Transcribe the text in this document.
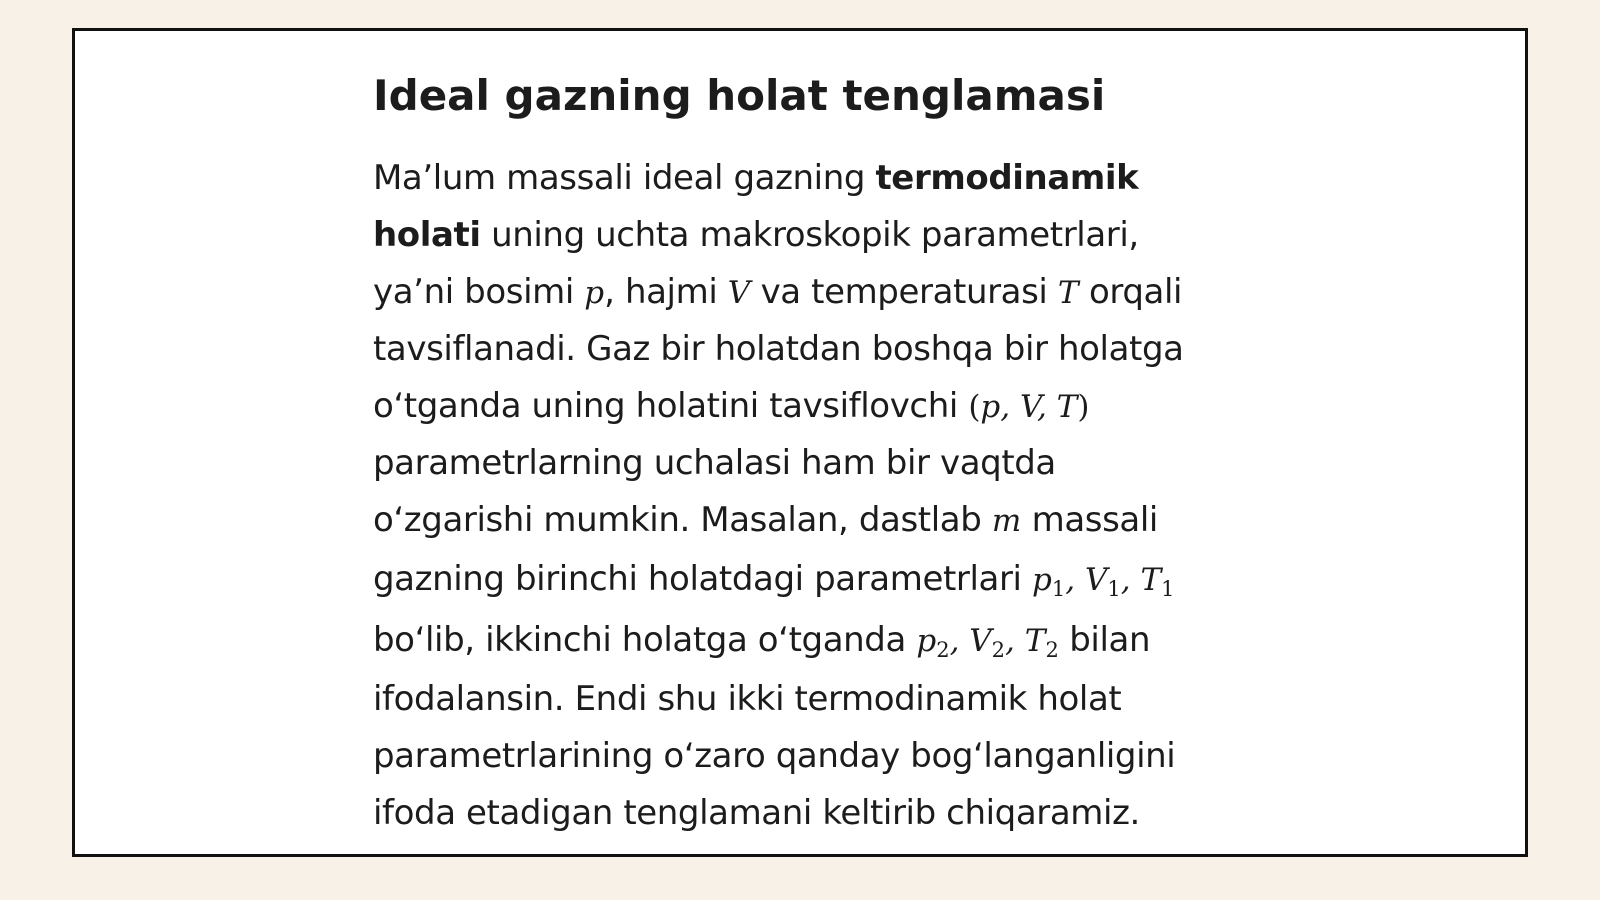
Ideal gazning holat tenglamasi
Ma’lum massali ideal gazning termodinamik
holati uning uchta makroskopik parametrlari,
ya’ni bosimi p, hajmi V va temperaturasi T orqali
tavsiflanadi. Gaz bir holatdan boshqa bir holatga
o‘tganda uning holatini tavsiflovchi (p, V, T)
parametrlarning uchalasi ham bir vaqtda
o‘zgarishi mumkin. Masalan, dastlab m massali
gazning birinchi holatdagi parametrlari $p_1$, $V_1$, $T_1$
bo‘lib, ikkinchi holatga o‘tganda $p_2$, $V_2$, $T_2$ bilan
ifodalansin. Endi shu ikki termodinamik holat
parametrlarining o‘zaro qanday bog‘langanligini
ifoda etadigan tenglamani keltirib chiqaramiz.
